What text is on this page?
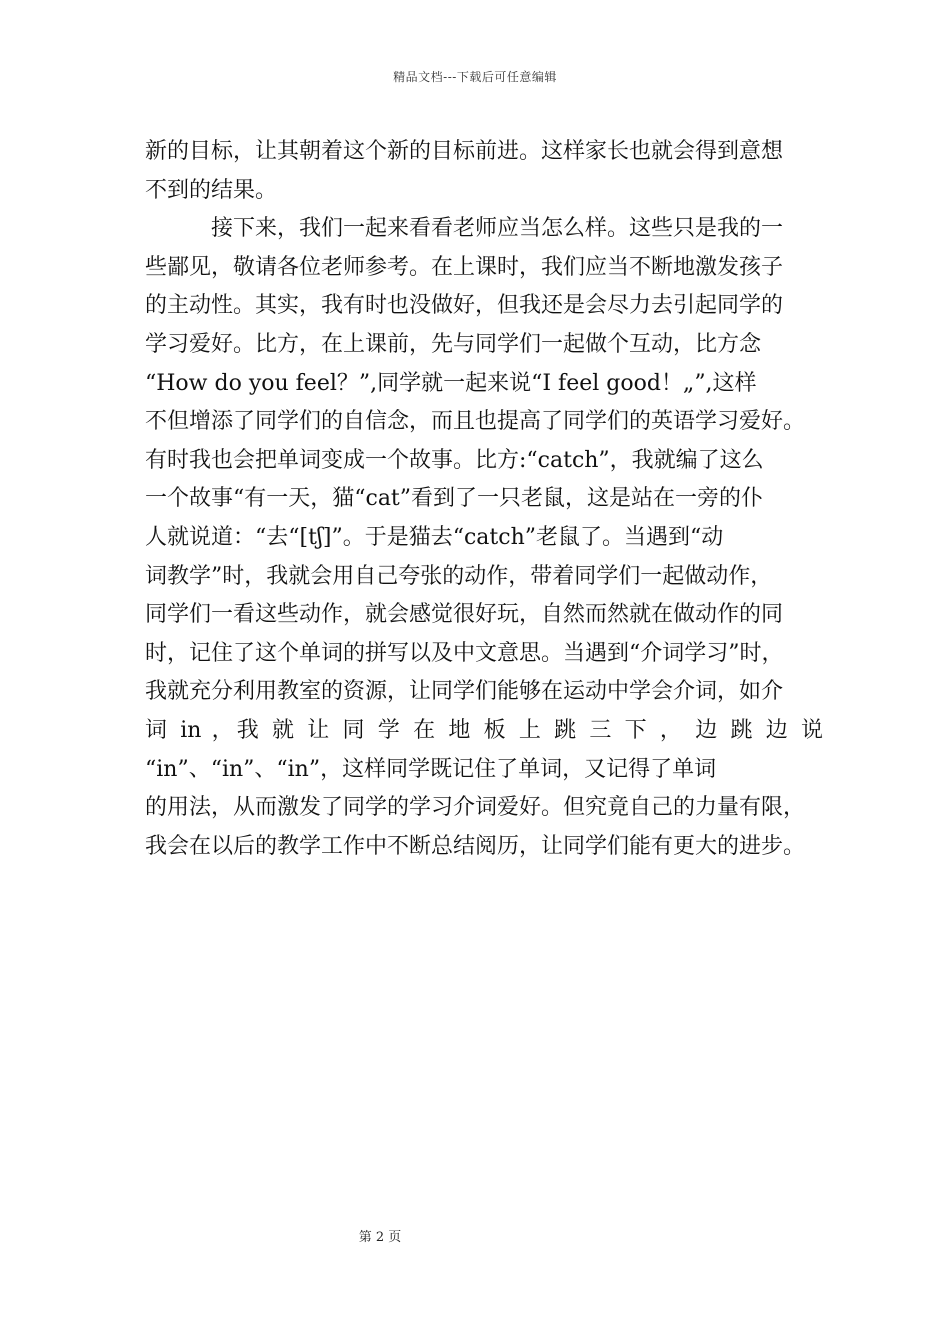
精品文档---下载后可任意编辑
新的目标，让其朝着这个新的目标前进。这样家长也就会得到意想
不到的结果。
接下来，我们一起来看看老师应当怎么样。这些只是我的一
些鄙见，敬请各位老师参考。在上课时，我们应当不断地激发孩子
的主动性。其实，我有时也没做好，但我还是会尽力去引起同学的
学习爱好。比方，在上课前，先与同学们一起做个互动，比方念
“How do you feel？”,同学就一起来说“I feel good！„”,这样
不但增添了同学们的自信念，而且也提高了同学们的英语学习爱好。
有时我也会把单词变成一个故事。比方:“catch”，我就编了这么
一个故事“有一天，猫“cat”看到了一只老鼠，这是站在一旁的仆
人就说道：“去“[tʃ]”。于是猫去“catch”老鼠了。当遇到“动
词教学”时，我就会用自己夸张的动作，带着同学们一起做动作，
同学们一看这些动作，就会感觉很好玩，自然而然就在做动作的同
时，记住了这个单词的拼写以及中文意思。当遇到“介词学习”时，
我就充分利用教室的资源，让同学们能够在运动中学会介词，如介
词 in ，我 就 让 同 学 在 地 板 上 跳 三 下 ， 边 跳 边 说
“in”、“in”、“in”，这样同学既记住了单词，又记得了单词
的用法，从而激发了同学的学习介词爱好。但究竟自己的力量有限，
我会在以后的教学工作中不断总结阅历，让同学们能有更大的进步。
第 2 页
